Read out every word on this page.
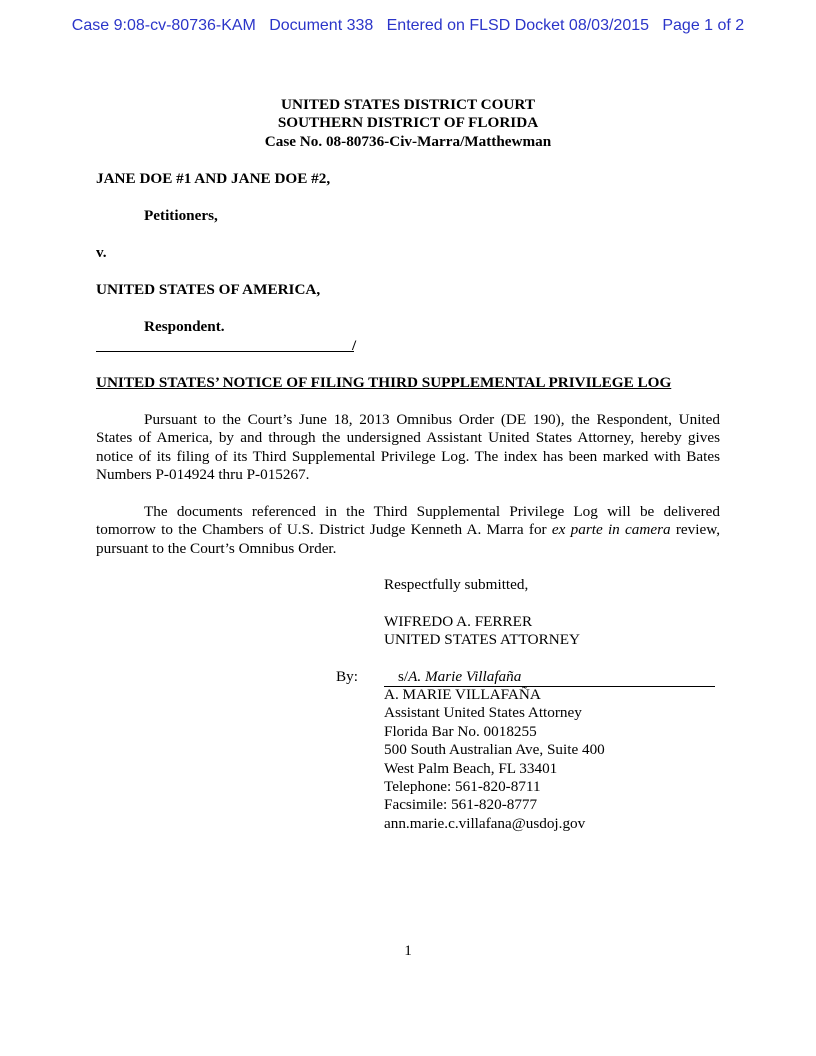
Case 9:08-cv-80736-KAM   Document 338   Entered on FLSD Docket 08/03/2015   Page 1 of 2
UNITED STATES DISTRICT COURT
SOUTHERN DISTRICT OF FLORIDA
Case No. 08-80736-Civ-Marra/Matthewman
JANE DOE #1 AND JANE DOE #2,
Petitioners,
v.
UNITED STATES OF AMERICA,
Respondent.
/
UNITED STATES’ NOTICE OF FILING THIRD SUPPLEMENTAL PRIVILEGE LOG

Pursuant to the Court’s June 18, 2013 Omnibus Order (DE 190), the Respondent, United States of America, by and through the undersigned Assistant United States Attorney, hereby gives notice of its filing of its Third Supplemental Privilege Log. The index has been marked with Bates Numbers P-014924 thru P-015267.

The documents referenced in the Third Supplemental Privilege Log will be delivered tomorrow to the Chambers of U.S. District Judge Kenneth A. Marra for ex parte in camera review, pursuant to the Court’s Omnibus Order.

Respectfully submitted,
WIFREDO A. FERRER
UNITED STATES ATTORNEY
By:	s/A. Marie Villafaña
A. MARIE VILLAFAÑA
Assistant United States Attorney
Florida Bar No. 0018255
500 South Australian Ave, Suite 400
West Palm Beach, FL 33401
Telephone: 561-820-8711
Facsimile: 561-820-8777
ann.marie.c.villafana@usdoj.gov
1
